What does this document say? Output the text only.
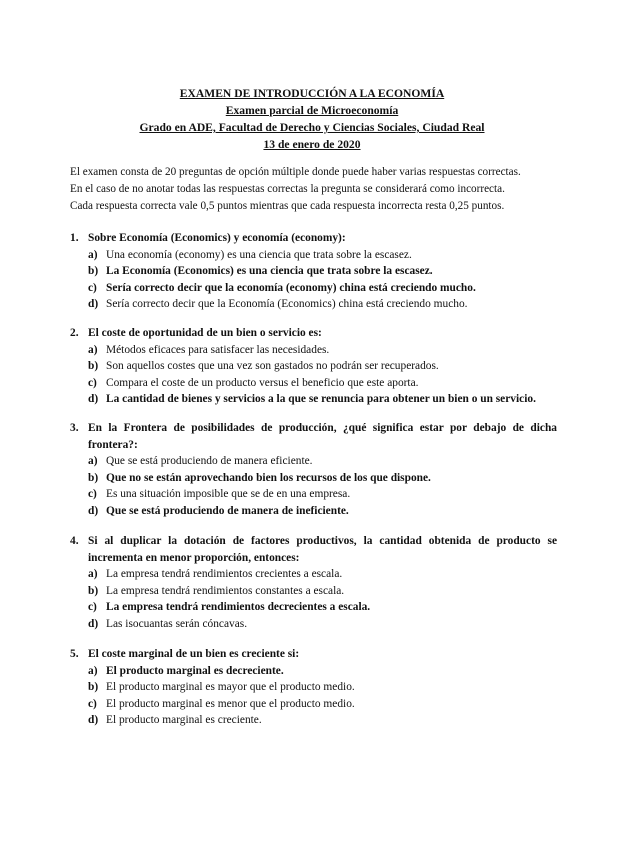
EXAMEN DE INTRODUCCIÓN A LA ECONOMÍA
Examen parcial de Microeconomía
Grado en ADE, Facultad de Derecho y Ciencias Sociales, Ciudad Real
13 de enero de 2020
El examen consta de 20 preguntas de opción múltiple donde puede haber varias respuestas correctas.
En el caso de no anotar todas las respuestas correctas la pregunta se considerará como incorrecta.
Cada respuesta correcta vale 0,5 puntos mientras que cada respuesta incorrecta resta 0,25 puntos.
1. Sobre Economía (Economics) y economía (economy):
a) Una economía (economy) es una ciencia que trata sobre la escasez.
b) La Economía (Economics) es una ciencia que trata sobre la escasez.
c) Sería correcto decir que la economía (economy) china está creciendo mucho.
d) Sería correcto decir que la Economía (Economics) china está creciendo mucho.
2. El coste de oportunidad de un bien o servicio es:
a) Métodos eficaces para satisfacer las necesidades.
b) Son aquellos costes que una vez son gastados no podrán ser recuperados.
c) Compara el coste de un producto versus el beneficio que este aporta.
d) La cantidad de bienes y servicios a la que se renuncia para obtener un bien o un servicio.
3. En la Frontera de posibilidades de producción, ¿qué significa estar por debajo de dicha frontera?:
a) Que se está produciendo de manera eficiente.
b) Que no se están aprovechando bien los recursos de los que dispone.
c) Es una situación imposible que se de en una empresa.
d) Que se está produciendo de manera de ineficiente.
4. Si al duplicar la dotación de factores productivos, la cantidad obtenida de producto se incrementa en menor proporción, entonces:
a) La empresa tendrá rendimientos crecientes a escala.
b) La empresa tendrá rendimientos constantes a escala.
c) La empresa tendrá rendimientos decrecientes a escala.
d) Las isocuantas serán cóncavas.
5. El coste marginal de un bien es creciente si:
a) El producto marginal es decreciente.
b) El producto marginal es mayor que el producto medio.
c) El producto marginal es menor que el producto medio.
d) El producto marginal es creciente.
